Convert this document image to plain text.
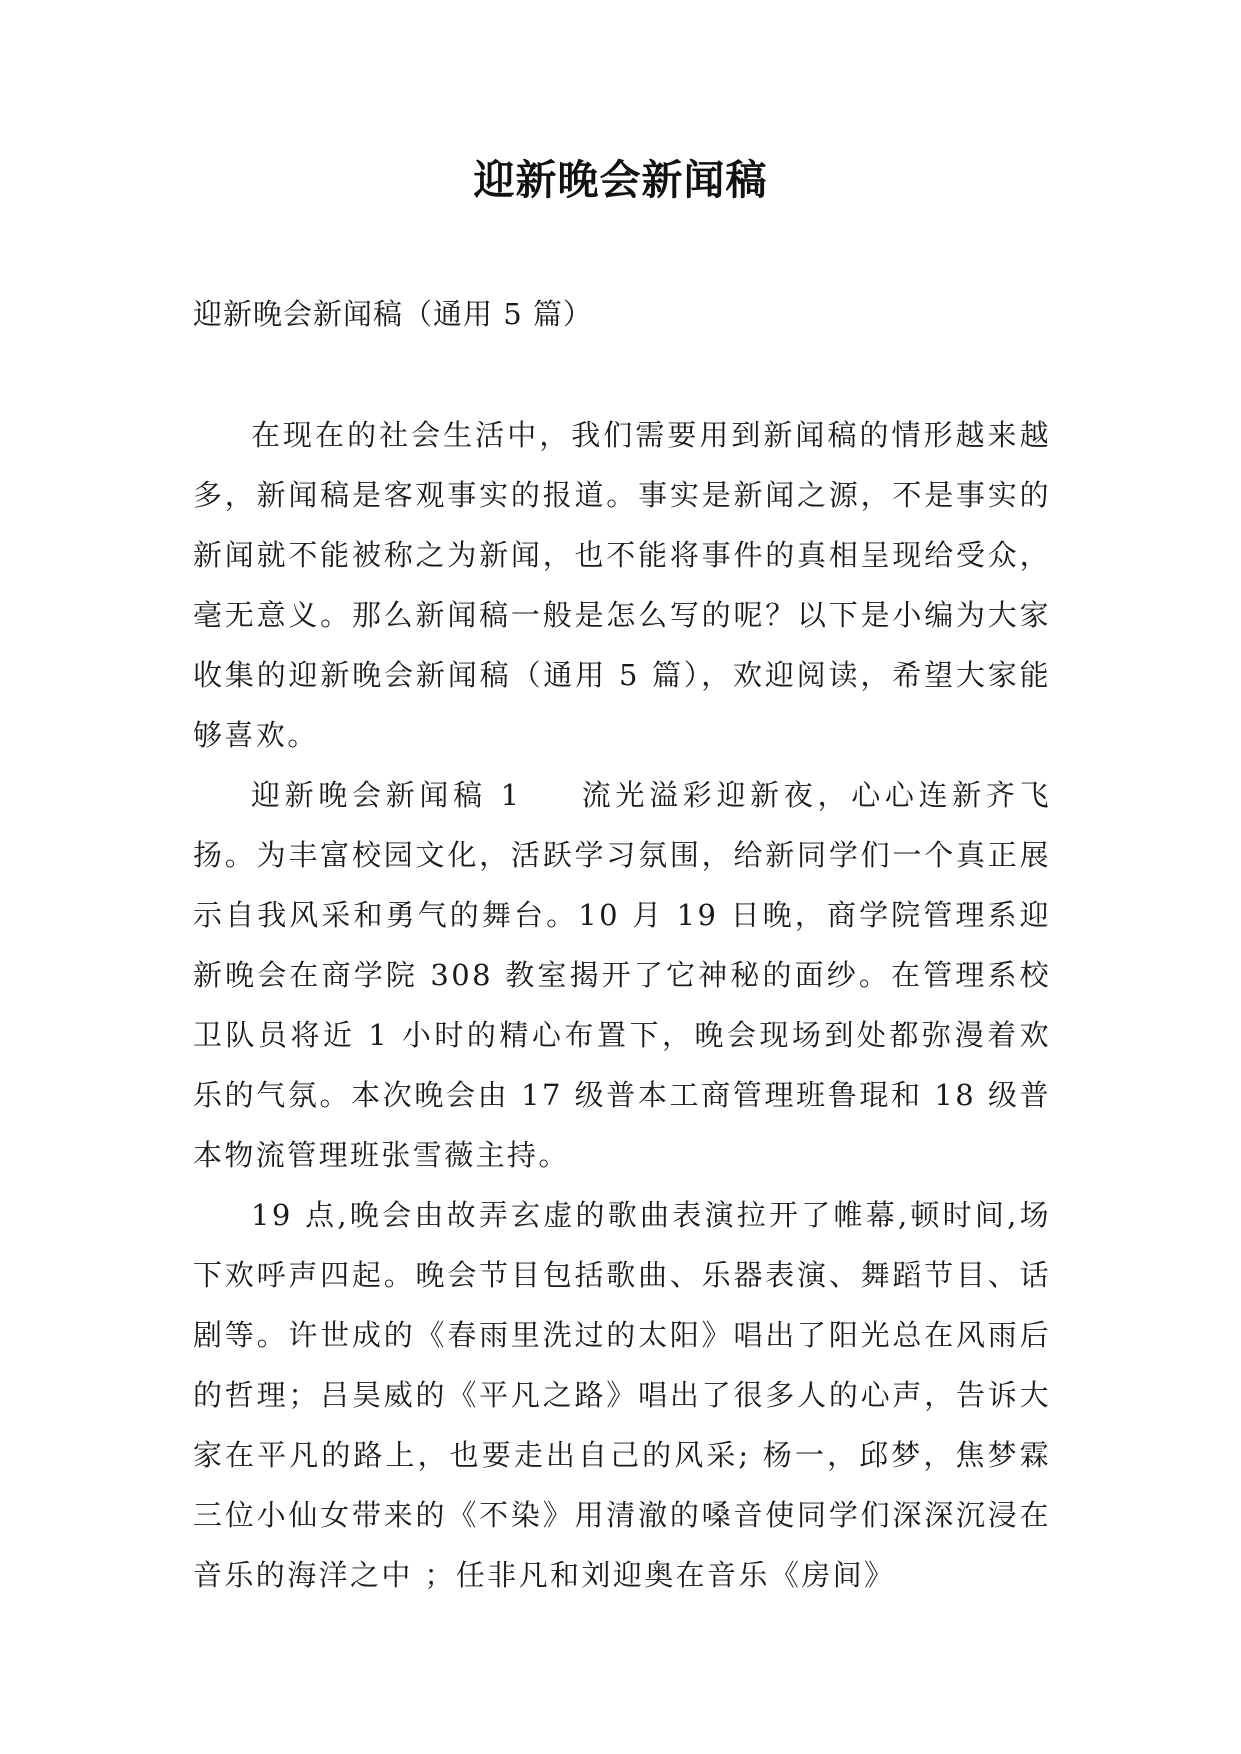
迎新晚会新闻稿

迎新晚会新闻稿（通用 5 篇）

在现在的社会生活中，我们需要用到新闻稿的情形越来越多，新闻稿是客观事实的报道。事实是新闻之源，不是事实的新闻就不能被称之为新闻，也不能将事件的真相呈现给受众，毫无意义。那么新闻稿一般是怎么写的呢？以下是小编为大家收集的迎新晚会新闻稿（通用 5 篇），欢迎阅读，希望大家能够喜欢。

迎新晚会新闻稿 1 流光溢彩迎新夜，心心连新齐飞扬。为丰富校园文化，活跃学习氛围，给新同学们一个真正展示自我风采和勇气的舞台。10 月 19 日晚，商学院管理系迎新晚会在商学院 308 教室揭开了它神秘的面纱。在管理系校卫队员将近 1 小时的精心布置下，晚会现场到处都弥漫着欢乐的气氛。本次晚会由 17 级普本工商管理班鲁琨和 18 级普本物流管理班张雪薇主持。

19 点,晚会由故弄玄虚的歌曲表演拉开了帷幕,顿时间,场下欢呼声四起。晚会节目包括歌曲、乐器表演、舞蹈节目、话剧等。许世成的《春雨里洗过的太阳》唱出了阳光总在风雨后的哲理；吕昊威的《平凡之路》唱出了很多人的心声，告诉大家在平凡的路上，也要走出自己的风采; 杨一，邱梦，焦梦霖三位小仙女带来的《不染》用清澈的嗓音使同学们深深沉浸在音乐的海洋之中 ；任非凡和刘迎奥在音乐《房间》
